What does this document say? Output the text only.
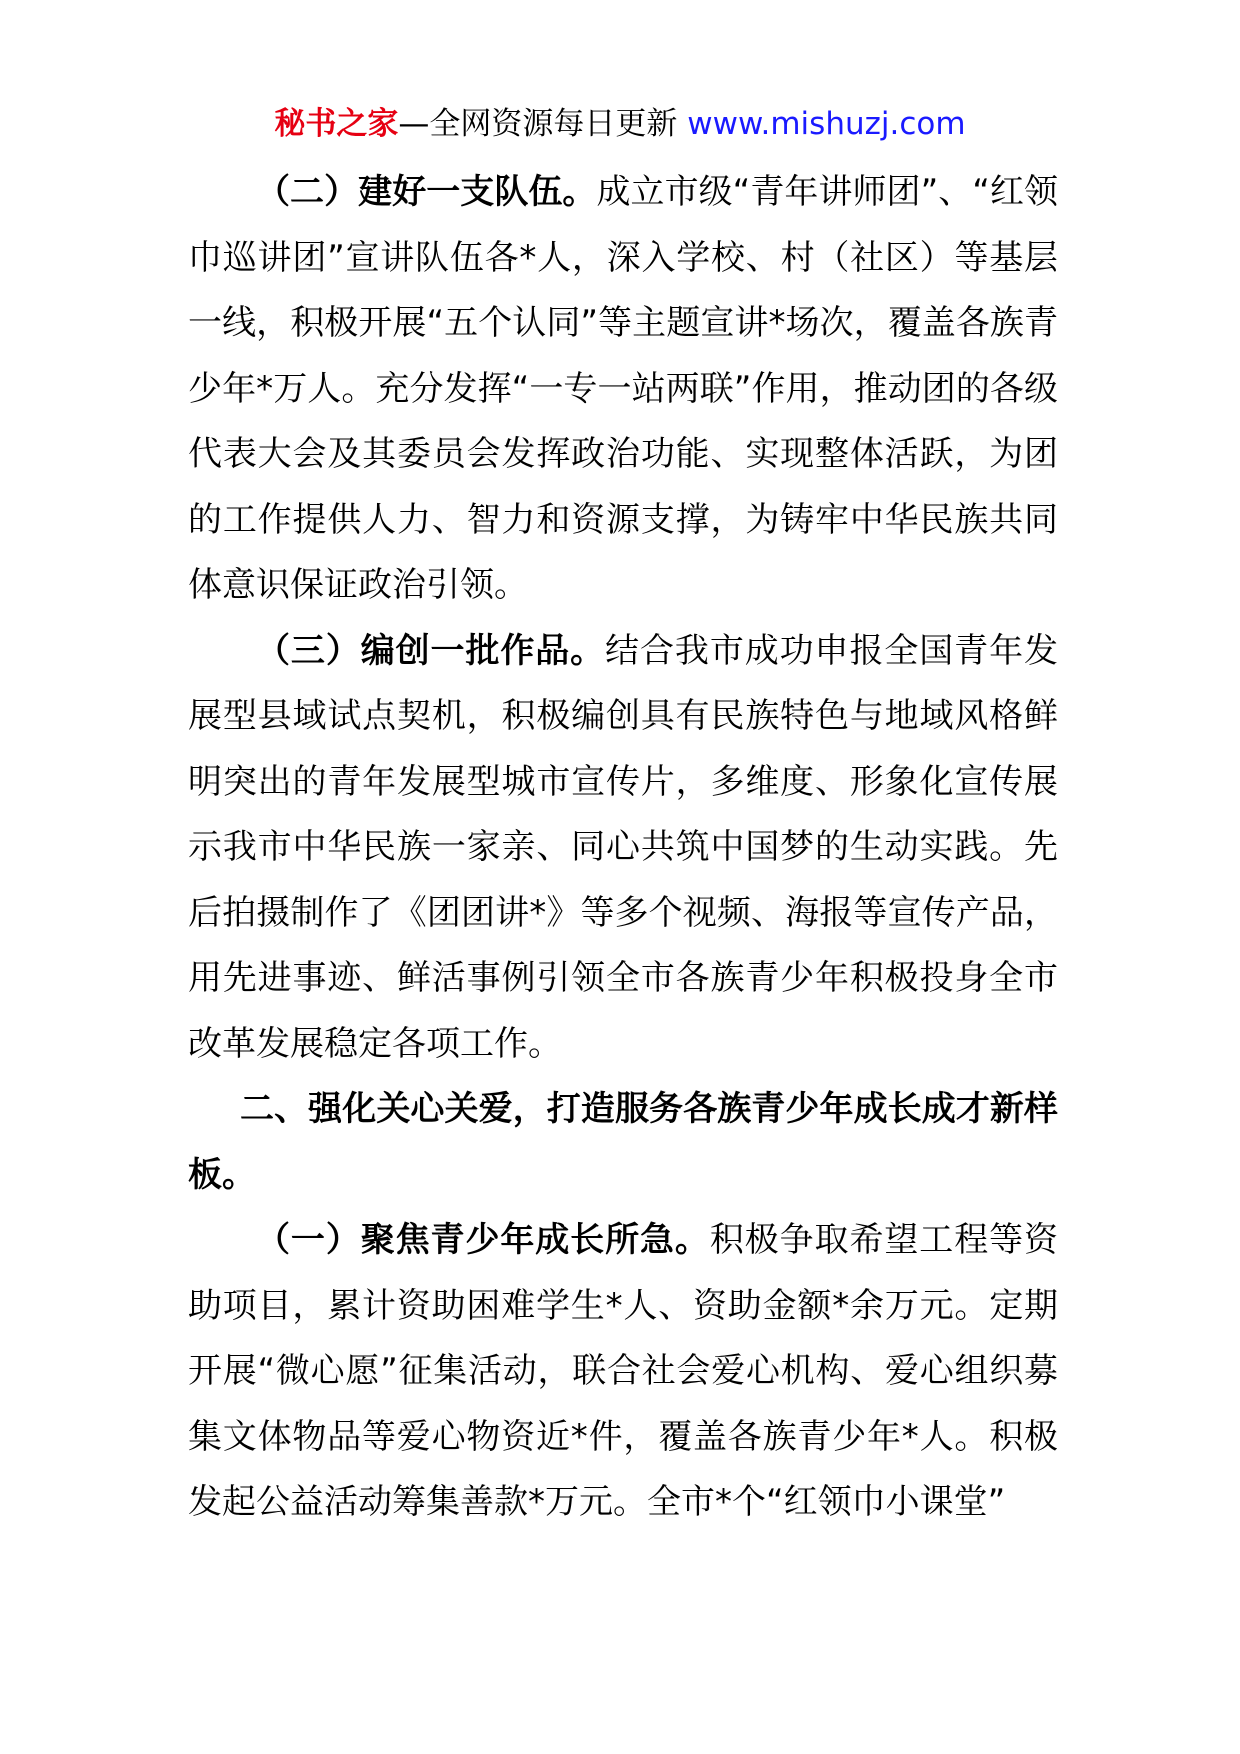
秘书之家—全网资源每日更新 www.mishuzj.com

（二）建好一支队伍。成立市级“青年讲师团”、“红领巾巡讲团”宣讲队伍各*人，深入学校、村（社区）等基层一线，积极开展“五个认同”等主题宣讲*场次，覆盖各族青少年*万人。充分发挥“一专一站两联”作用，推动团的各级代表大会及其委员会发挥政治功能、实现整体活跃，为团的工作提供人力、智力和资源支撑，为铸牢中华民族共同体意识保证政治引领。

（三）编创一批作品。结合我市成功申报全国青年发展型县域试点契机，积极编创具有民族特色与地域风格鲜明突出的青年发展型城市宣传片，多维度、形象化宣传展示我市中华民族一家亲、同心共筑中国梦的生动实践。先后拍摄制作了《团团讲*》等多个视频、海报等宣传产品，用先进事迹、鲜活事例引领全市各族青少年积极投身全市改革发展稳定各项工作。

二、强化关心关爱，打造服务各族青少年成长成才新样板。

（一）聚焦青少年成长所急。积极争取希望工程等资助项目，累计资助困难学生*人、资助金额*余万元。定期开展“微心愿”征集活动，联合社会爱心机构、爱心组织募集文体物品等爱心物资近*件，覆盖各族青少年*人。积极发起公益活动筹集善款*万元。全市*个“红领巾小课堂”
